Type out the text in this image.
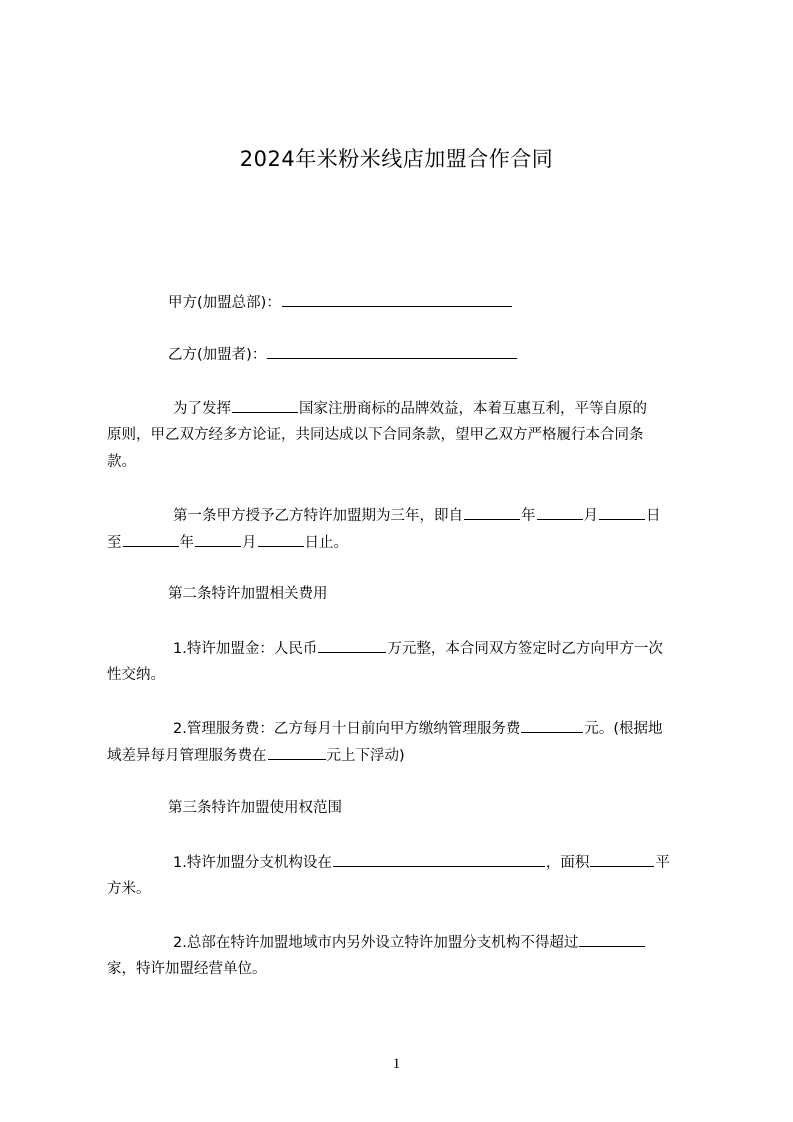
2024年米粉米线店加盟合作合同
甲方(加盟总部)：
乙方(加盟者)：
为了发挥	国家注册商标的品牌效益，本着互惠互利，平等自原的
原则，甲乙双方经多方论证，共同达成以下合同条款，望甲乙双方严格履行本合同条
款。
第一条甲方授予乙方特许加盟期为三年，即自	年	月	日
至	年	月	日止。
第二条特许加盟相关费用
1.特许加盟金：人民币	万元整，本合同双方签定时乙方向甲方一次
性交纳。
2.管理服务费：乙方每月十日前向甲方缴纳管理服务费	元。(根据地
域差异每月管理服务费在	元上下浮动)
第三条特许加盟使用权范围
1.特许加盟分支机构设在	，面积	平
方米。
2.总部在特许加盟地域市内另外设立特许加盟分支机构不得超过
家，特许加盟经营单位。
1
